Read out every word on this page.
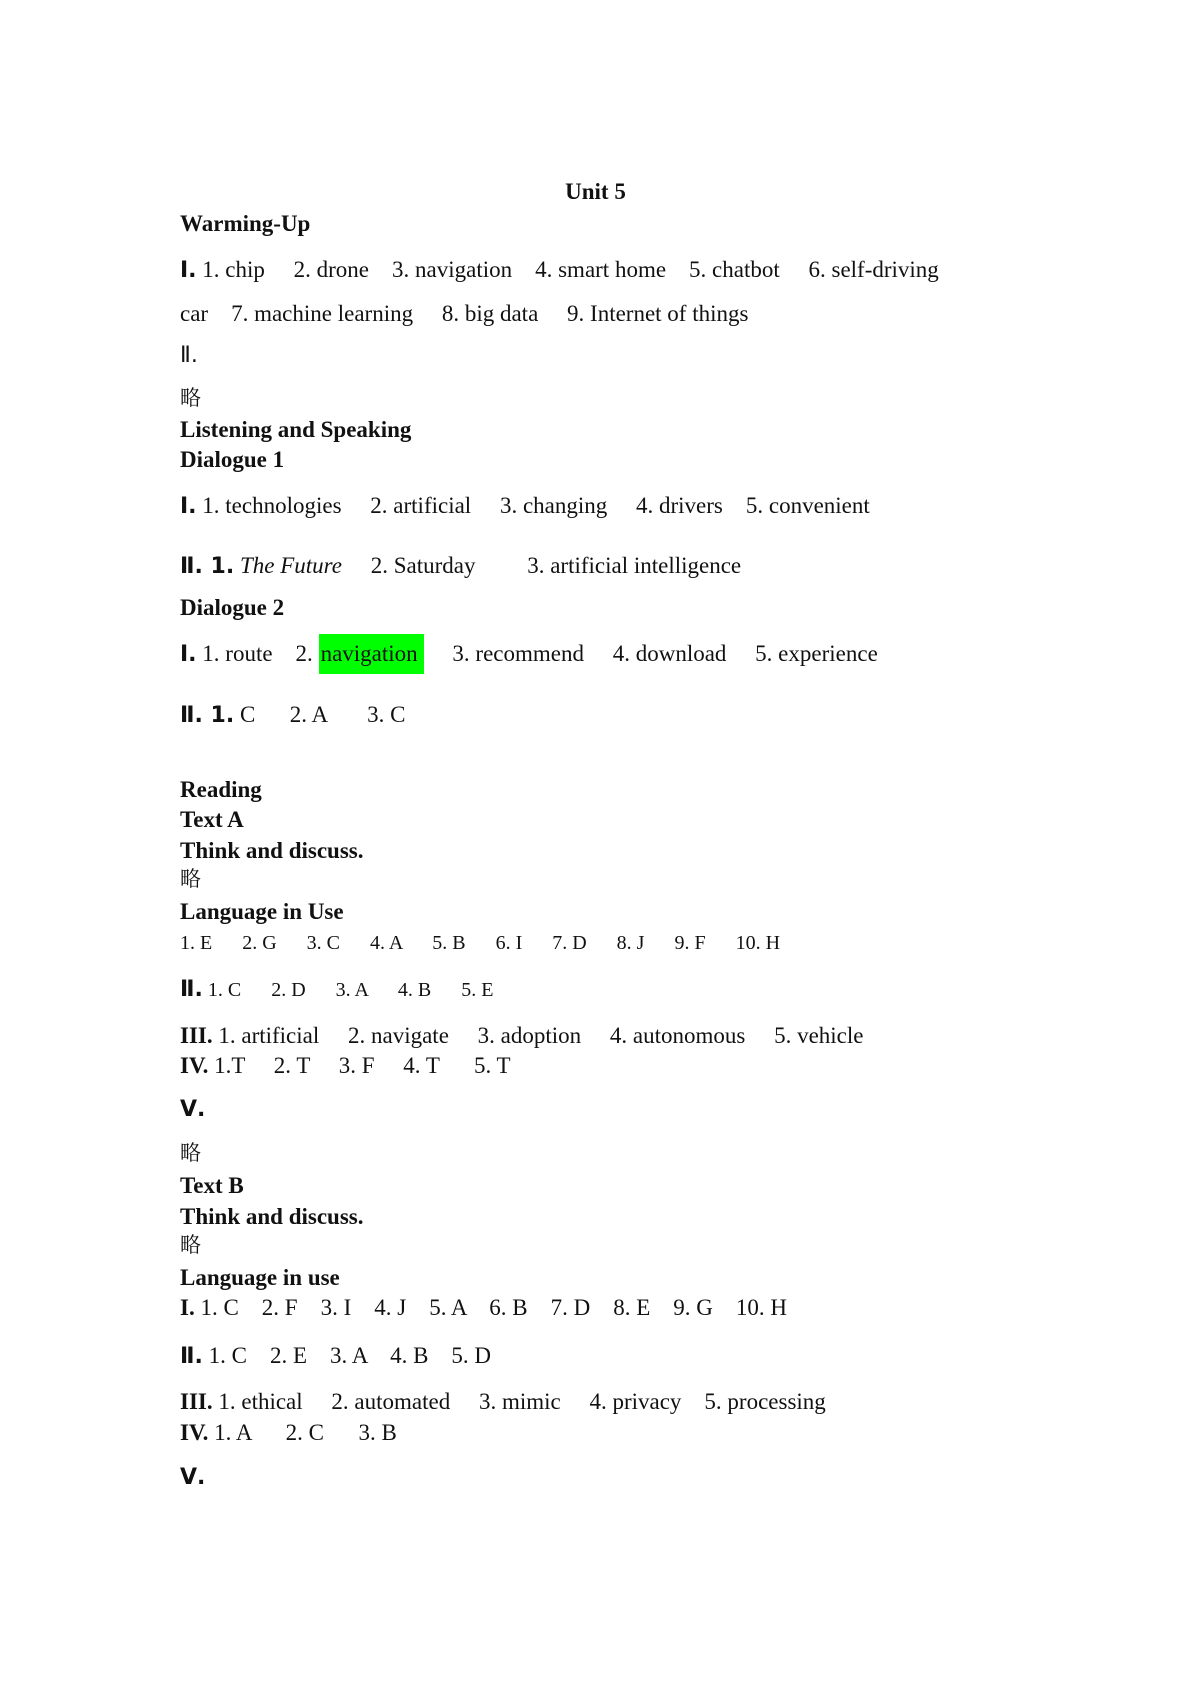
Unit 5
Warming-Up
Ⅰ. 1. chip     2. drone    3. navigation    4. smart home    5. chatbot     6. self-driving
car    7. machine learning     8. big data     9. Internet of things
Ⅱ.
略
Listening and Speaking
Dialogue 1
Ⅰ. 1. technologies     2. artificial     3. changing     4. drivers    5. convenient
Ⅱ. 1. The Future     2. Saturday         3. artificial intelligence
Dialogue 2
Ⅰ. 1. route    2. navigation     3. recommend     4. download     5. experience
Ⅱ. 1. C      2. A       3. C
Reading
Text A
Think and discuss.
略
Language in Use
1. E      2. G      3. C      4. A      5. B      6. I      7. D      8. J      9. F      10. H
Ⅱ. 1. C      2. D      3. A      4. B      5. E
III. 1. artificial     2. navigate     3. adoption     4. autonomous     5. vehicle
IV. 1.T     2. T     3. F     4. T      5. T
Ⅴ.
略
Text B
Think and discuss.
略
Language in use
I. 1. C    2. F    3. I    4. J    5. A    6. B    7. D    8. E    9. G    10. H
Ⅱ. 1. C    2. E    3. A    4. B    5. D
III. 1. ethical     2. automated     3. mimic     4. privacy    5. processing
IV. 1. A      2. C      3. B
Ⅴ.
